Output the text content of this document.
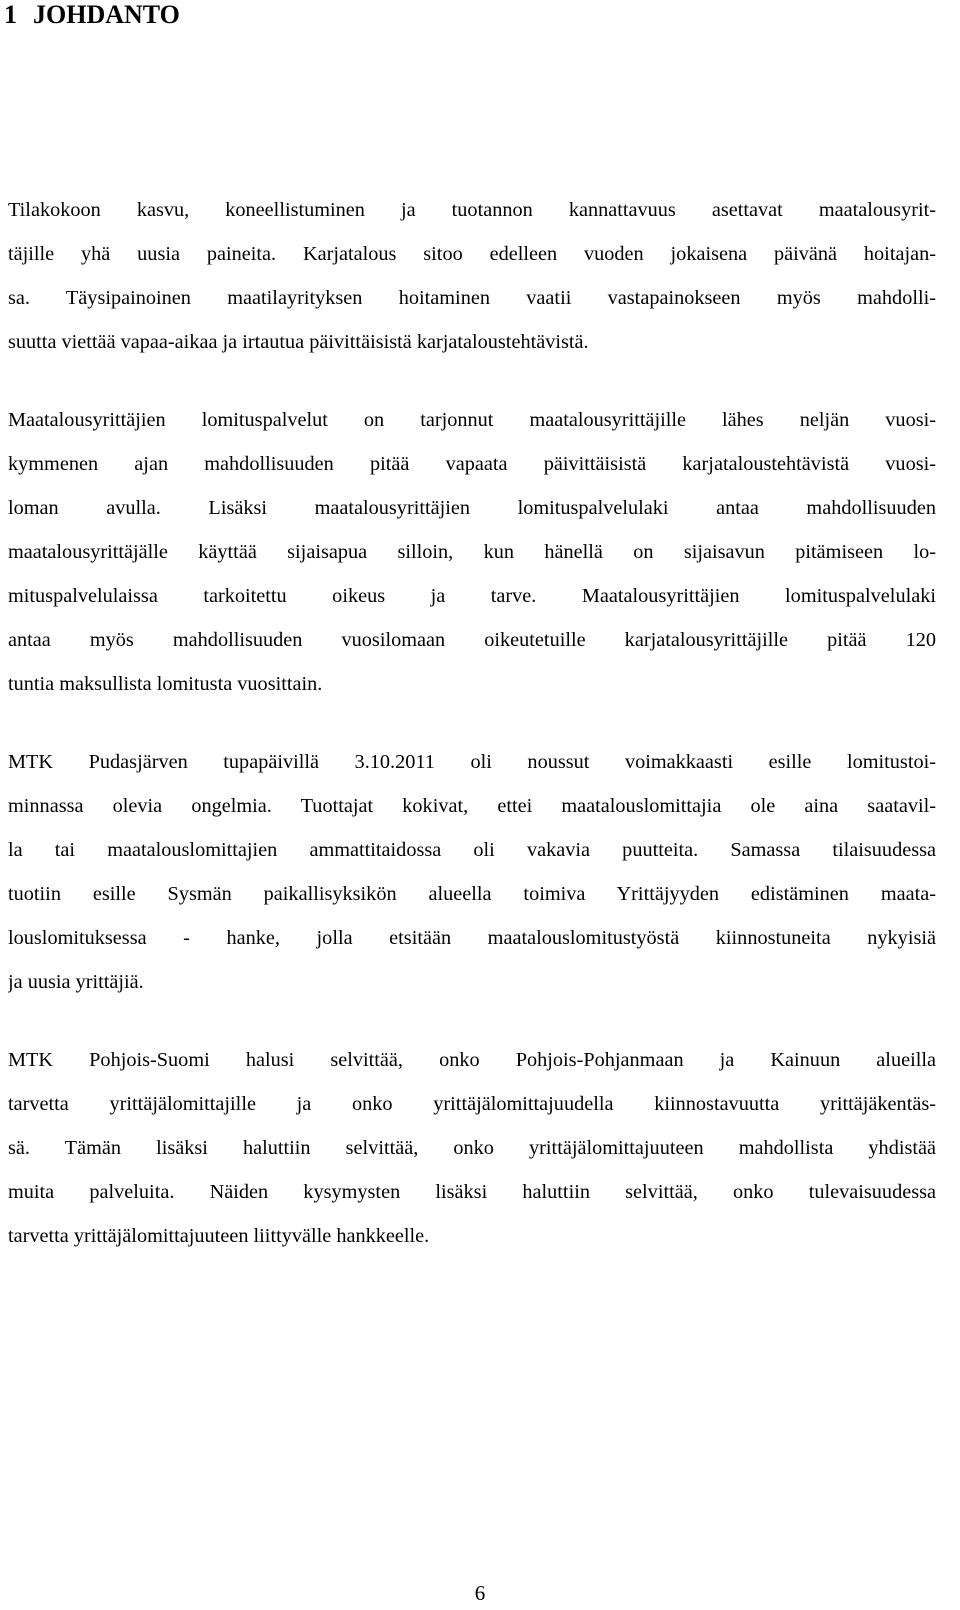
1 JOHDANTO
Tilakokoon kasvu, koneellistuminen ja tuotannon kannattavuus asettavat maatalousyrit-
täjille yhä uusia paineita. Karjatalous sitoo edelleen vuoden jokaisena päivänä hoitajan-
sa. Täysipainoinen maatilayrityksen hoitaminen vaatii vastapainokseen myös mahdolli-
suutta viettää vapaa-aikaa ja irtautua päivittäisistä karjataloustehtävistä.
Maatalousyrittäjien lomituspalvelut on tarjonnut maatalousyrittäjille lähes neljän vuosi-
kymmenen ajan mahdollisuuden pitää vapaata päivittäisistä karjataloustehtävistä vuosi-
loman avulla. Lisäksi maatalousyrittäjien lomituspalvelulaki antaa mahdollisuuden
maatalousyrittäjälle käyttää sijaisapua silloin, kun hänellä on sijaisavun pitämiseen lo-
mituspalvelulaissa tarkoitettu oikeus ja tarve. Maatalousyrittäjien lomituspalvelulaki
antaa myös mahdollisuuden vuosilomaan oikeutetuille karjatalousyrittäjille pitää 120
tuntia maksullista lomitusta vuosittain.
MTK Pudasjärven tupapäivillä 3.10.2011 oli noussut voimakkaasti esille lomitustoi-
minnassa olevia ongelmia. Tuottajat kokivat, ettei maatalouslomittajia ole aina saatavil-
la tai maatalouslomittajien ammattitaidossa oli vakavia puutteita. Samassa tilaisuudessa
tuotiin esille Sysmän paikallisyksikön alueella toimiva Yrittäjyyden edistäminen maata-
louslomituksessa - hanke, jolla etsitään maatalouslomitustyöstä kiinnostuneita nykyisiä
ja uusia yrittäjiä.
MTK Pohjois-Suomi halusi selvittää, onko Pohjois-Pohjanmaan ja Kainuun alueilla
tarvetta yrittäjälomittajille ja onko yrittäjälomittajuudella kiinnostavuutta yrittäjäkentäs-
sä. Tämän lisäksi haluttiin selvittää, onko yrittäjälomittajuuteen mahdollista yhdistää
muita palveluita. Näiden kysymysten lisäksi haluttiin selvittää, onko tulevaisuudessa
tarvetta yrittäjälomittajuuteen liittyvälle hankkeelle.
6
